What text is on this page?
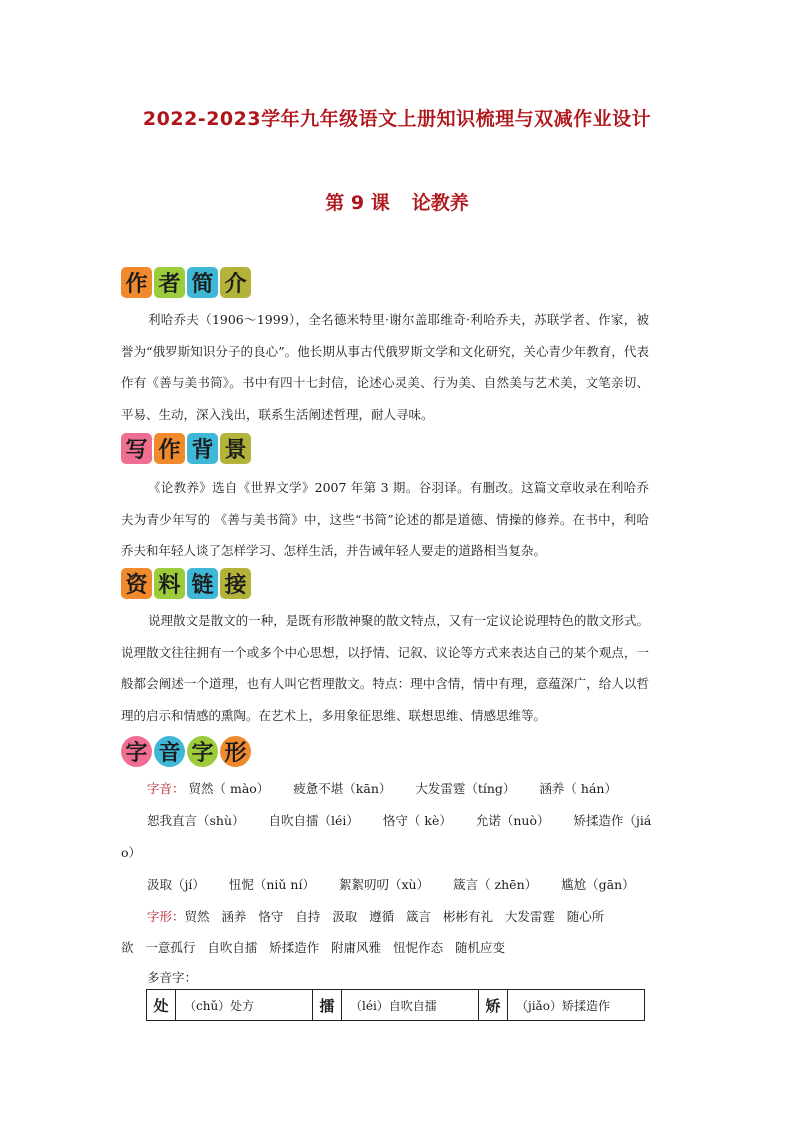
2022-2023学年九年级语文上册知识梳理与双减作业设计
第 9 课 论教养
作 者 简 介

利哈乔夫（1906～1999），全名德米特里·谢尔盖耶维奇·利哈乔夫，苏联学者、作家，被誉为“俄罗斯知识分子的良心”。他长期从事古代俄罗斯文学和文化研究，关心青少年教育，代表作有《善与美书简》。书中有四十七封信，论述心灵美、行为美、自然美与艺术美，文笔亲切、平易、生动，深入浅出，联系生活阐述哲理，耐人寻味。

写 作 背 景

《论教养》选自《世界文学》2007 年第 3 期。谷羽译。有删改。这篇文章收录在利哈乔夫为青少年写的 《善与美书简》中，这些“书简”论述的都是道德、情操的修养。在书中，利哈乔夫和年轻人谈了怎样学习、怎样生活，并告诫年轻人要走的道路相当复杂。

资 料 链 接

说理散文是散文的一种，是既有形散神聚的散文特点，又有一定议论说理特色的散文形式。说理散文往往拥有一个或多个中心思想，以抒情、记叙、议论等方式来表达自己的某个观点，一般都会阐述一个道理，也有人叫它哲理散文。特点：理中含情，情中有理，意蕴深广，给人以哲理的启示和情感的熏陶。在艺术上，多用象征思维、联想思维、情感思维等。

字 音 字 形
字音： 贸然（ mào） 疲惫不堪（kān） 大发雷霆（tíng） 涵养（ hán）
恕我直言（shù） 自吹自擂（léi） 恪守（ kè） 允诺（nuò） 矫揉造作（jiá
o）
汲取（jí） 忸怩（niǔ ní） 絮絮叨叨（xù） 箴言（ zhēn） 尴尬（gān）
字形：贸然   涵养   恪守   自持   汲取   遵循   箴言   彬彬有礼   大发雷霆   随心所
欲   一意孤行   自吹自擂   矫揉造作   附庸风雅   忸怩作态   随机应变
多音字：
处	（chǔ）处方	擂	（léi）自吹自擂	矫	（jiǎo）矫揉造作
